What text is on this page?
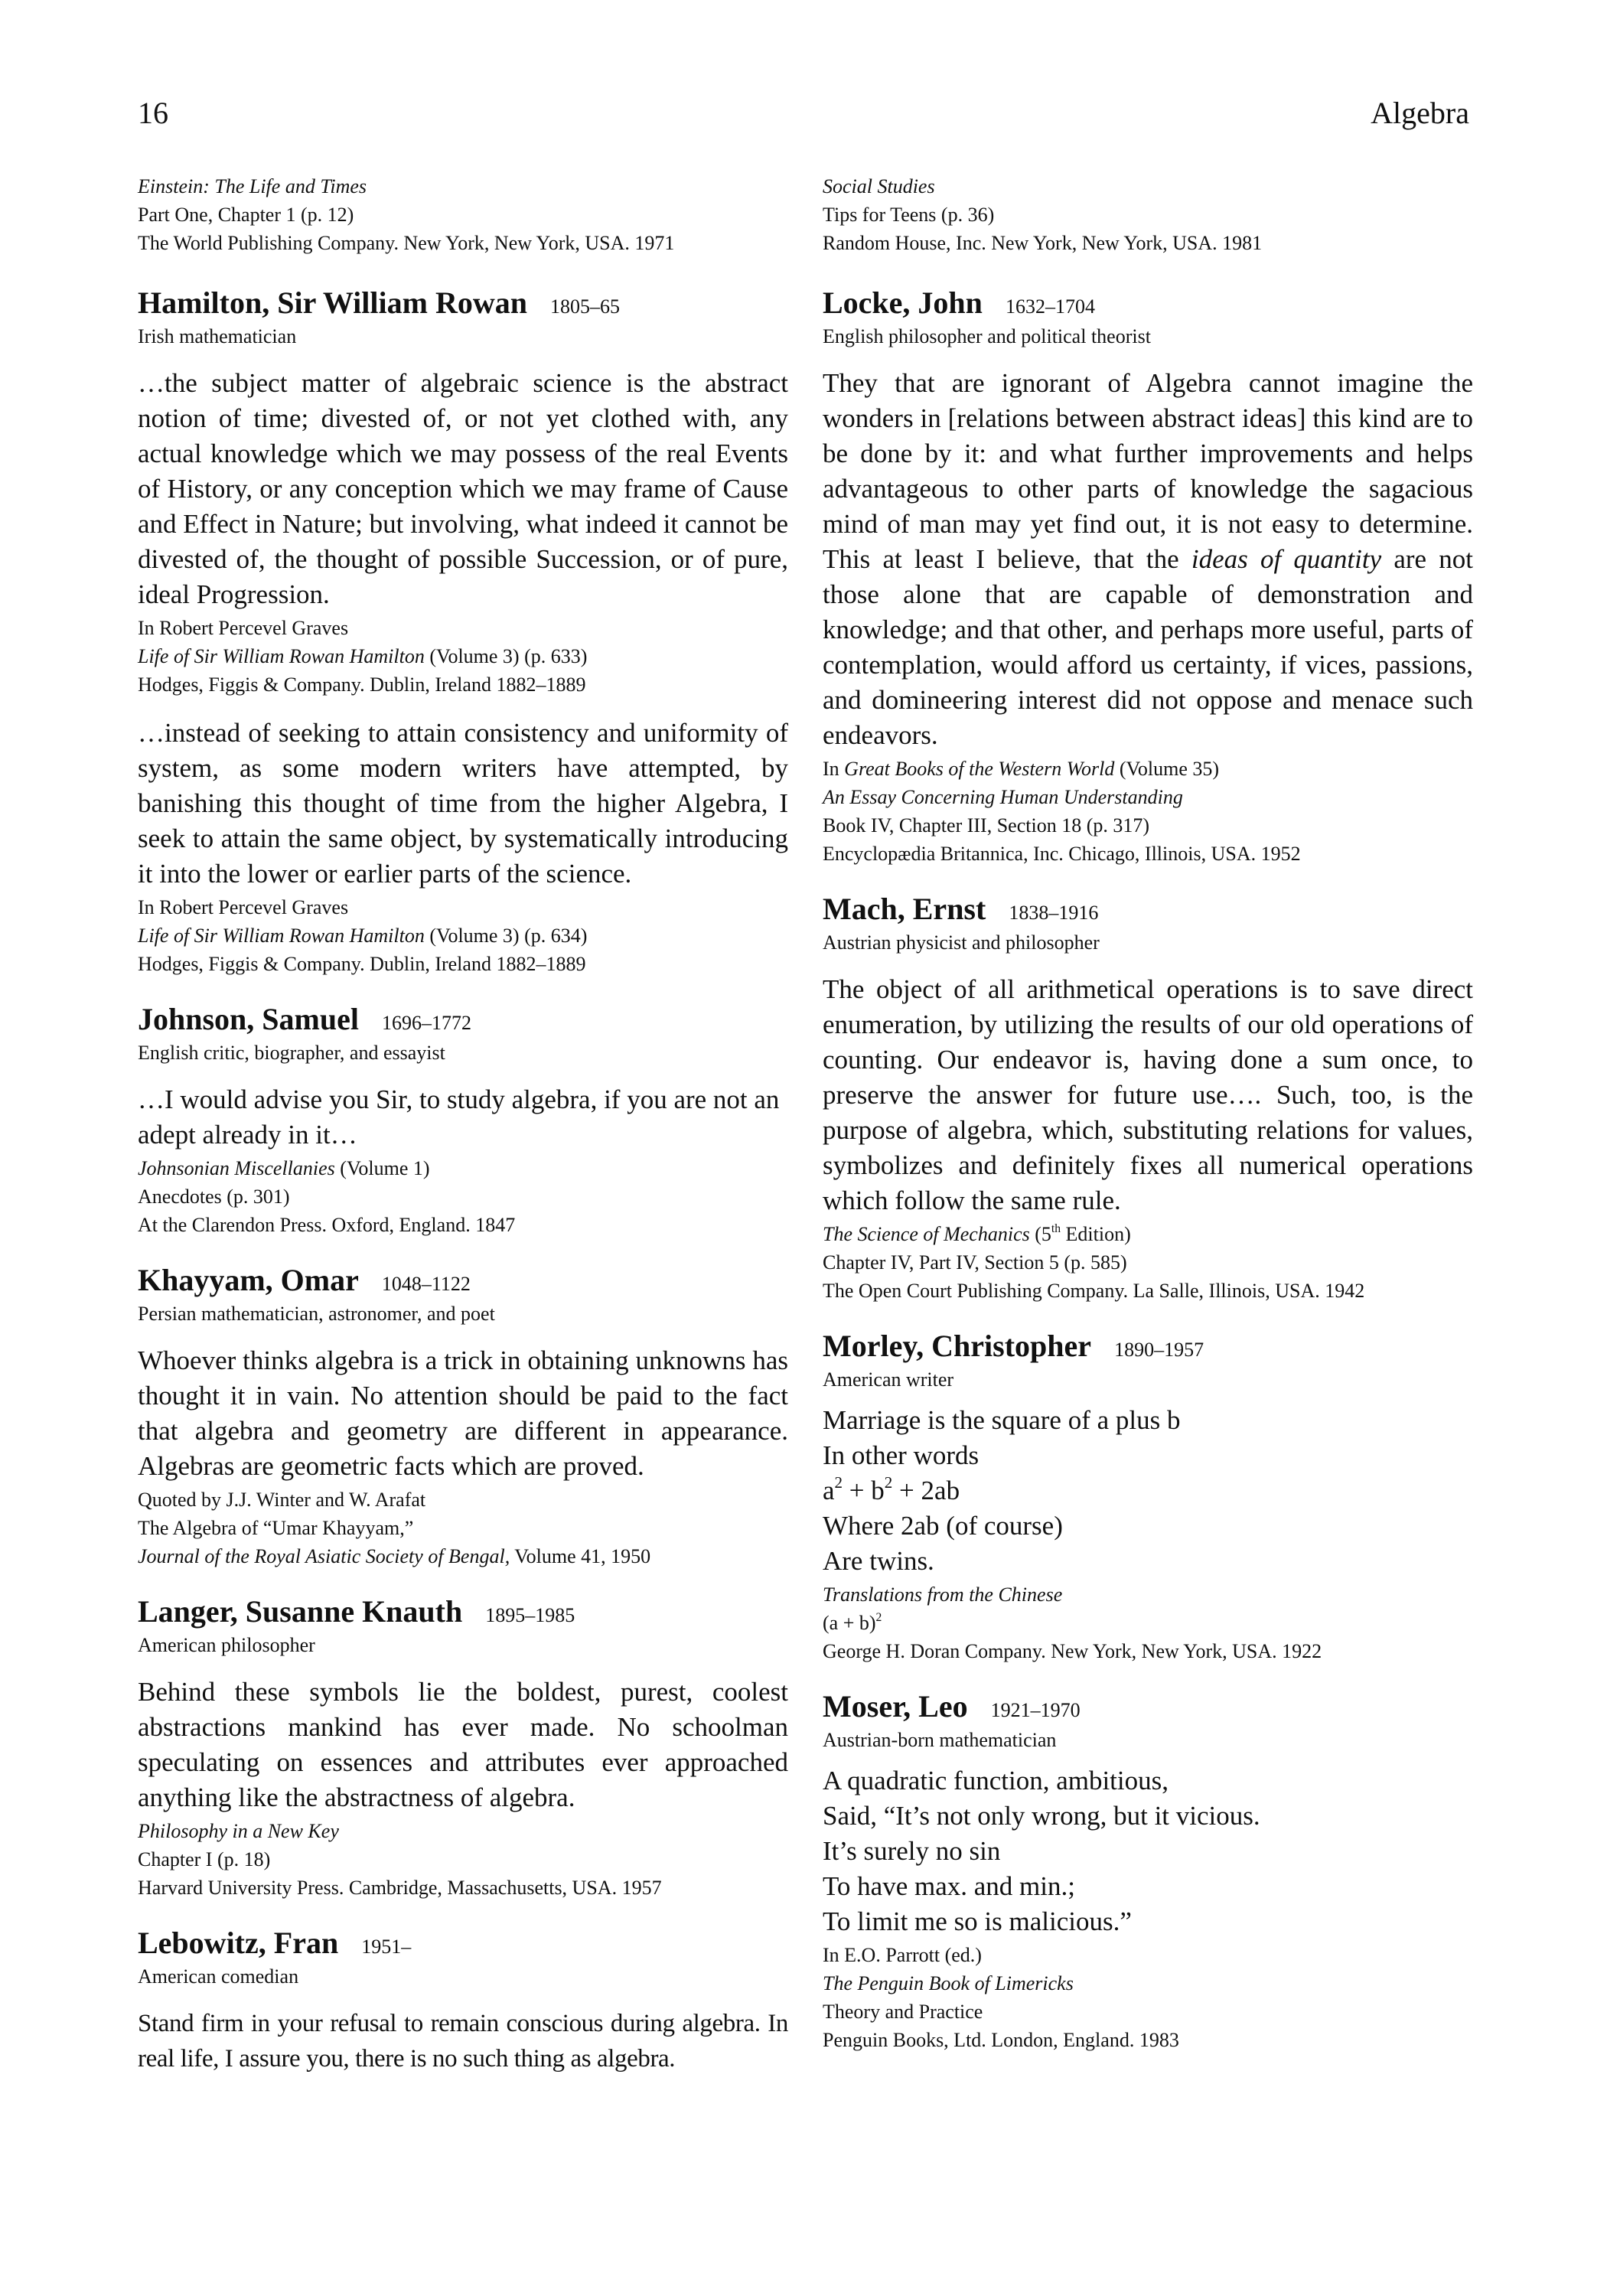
16	Algebra
Einstein: The Life and Times
Part One, Chapter 1 (p. 12)
The World Publishing Company. New York, New York, USA. 1971
Hamilton, Sir William Rowan 1805–65
Irish mathematician
…the subject matter of algebraic science is the abstract notion of time; divested of, or not yet clothed with, any actual knowledge which we may possess of the real Events of History, or any conception which we may frame of Cause and Effect in Nature; but involving, what indeed it cannot be divested of, the thought of possible Succession, or of pure, ideal Progression.
In Robert Percevel Graves
Life of Sir William Rowan Hamilton (Volume 3) (p. 633)
Hodges, Figgis & Company. Dublin, Ireland 1882–1889
…instead of seeking to attain consistency and uniformity of system, as some modern writers have attempted, by banishing this thought of time from the higher Algebra, I seek to attain the same object, by systematically introducing it into the lower or earlier parts of the science.
In Robert Percevel Graves
Life of Sir William Rowan Hamilton (Volume 3) (p. 634)
Hodges, Figgis & Company. Dublin, Ireland 1882–1889
Johnson, Samuel 1696–1772
English critic, biographer, and essayist
…I would advise you Sir, to study algebra, if you are not an adept already in it…
Johnsonian Miscellanies (Volume 1)
Anecdotes (p. 301)
At the Clarendon Press. Oxford, England. 1847
Khayyam, Omar 1048–1122
Persian mathematician, astronomer, and poet
Whoever thinks algebra is a trick in obtaining unknowns has thought it in vain. No attention should be paid to the fact that algebra and geometry are different in appearance. Algebras are geometric facts which are proved.
Quoted by J.J. Winter and W. Arafat
The Algebra of “Umar Khayyam,”
Journal of the Royal Asiatic Society of Bengal, Volume 41, 1950
Langer, Susanne Knauth 1895–1985
American philosopher
Behind these symbols lie the boldest, purest, coolest abstractions mankind has ever made. No schoolman speculating on essences and attributes ever approached anything like the abstractness of algebra.
Philosophy in a New Key
Chapter I (p. 18)
Harvard University Press. Cambridge, Massachusetts, USA. 1957
Lebowitz, Fran 1951–
American comedian
Stand firm in your refusal to remain conscious during algebra. In real life, I assure you, there is no such thing as algebra.
Social Studies
Tips for Teens (p. 36)
Random House, Inc. New York, New York, USA. 1981
Locke, John 1632–1704
English philosopher and political theorist
They that are ignorant of Algebra cannot imagine the wonders in [relations between abstract ideas] this kind are to be done by it: and what further improvements and helps advantageous to other parts of knowledge the sagacious mind of man may yet find out, it is not easy to determine. This at least I believe, that the ideas of quantity are not those alone that are capable of demonstration and knowledge; and that other, and perhaps more useful, parts of contemplation, would afford us certainty, if vices, passions, and domineering interest did not oppose and menace such endeavors.
In Great Books of the Western World (Volume 35)
An Essay Concerning Human Understanding
Book IV, Chapter III, Section 18 (p. 317)
Encyclopædia Britannica, Inc. Chicago, Illinois, USA. 1952
Mach, Ernst 1838–1916
Austrian physicist and philosopher
The object of all arithmetical operations is to save direct enumeration, by utilizing the results of our old operations of counting. Our endeavor is, having done a sum once, to preserve the answer for future use…. Such, too, is the purpose of algebra, which, substituting relations for values, symbolizes and definitely fixes all numerical operations which follow the same rule.
The Science of Mechanics (5th Edition)
Chapter IV, Part IV, Section 5 (p. 585)
The Open Court Publishing Company. La Salle, Illinois, USA. 1942
Morley, Christopher 1890–1957
American writer
Marriage is the square of a plus b
In other words
$a^2 + b^2 + 2ab$
Where 2ab (of course)
Are twins.
Translations from the Chinese
$(a + b)^2$
George H. Doran Company. New York, New York, USA. 1922
Moser, Leo 1921–1970
Austrian-born mathematician
A quadratic function, ambitious,
Said, “It’s not only wrong, but it vicious.
It’s surely no sin
To have max. and min.;
To limit me so is malicious.”
In E.O. Parrott (ed.)
The Penguin Book of Limericks
Theory and Practice
Penguin Books, Ltd. London, England. 1983
